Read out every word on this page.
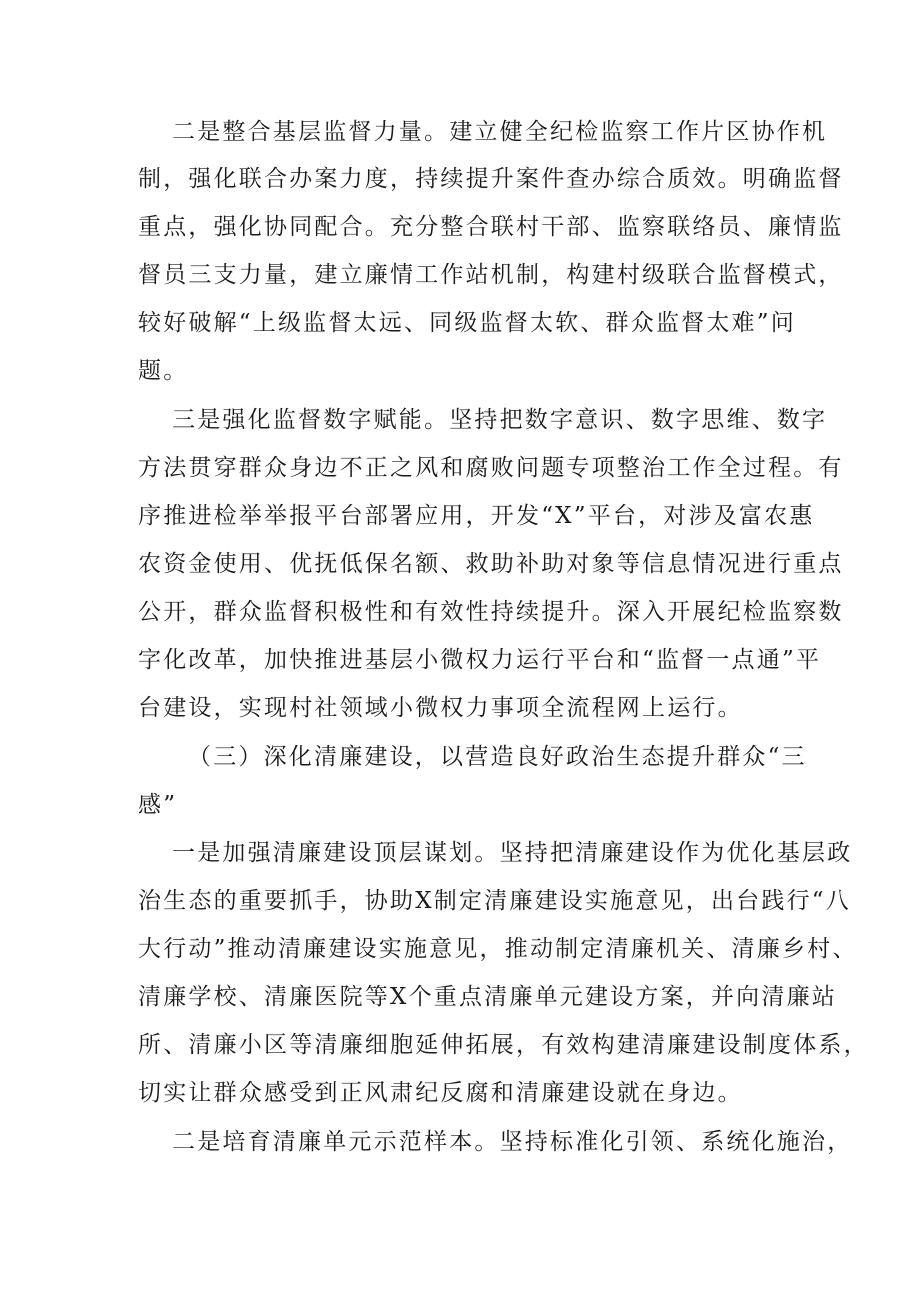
二是整合基层监督力量。建立健全纪检监察工作片区协作机

制，强化联合办案力度，持续提升案件查办综合质效。明确监督

重点，强化协同配合。充分整合联村干部、监察联络员、廉情监

督员三支力量，建立廉情工作站机制，构建村级联合监督模式，

较好破解“上级监督太远、同级监督太软、群众监督太难”问

题。

三是强化监督数字赋能。坚持把数字意识、数字思维、数字

方法贯穿群众身边不正之风和腐败问题专项整治工作全过程。有

序推进检举举报平台部署应用，开发“X”平台，对涉及富农惠

农资金使用、优抚低保名额、救助补助对象等信息情况进行重点

公开，群众监督积极性和有效性持续提升。深入开展纪检监察数

字化改革，加快推进基层小微权力运行平台和“监督一点通”平

台建设，实现村社领域小微权力事项全流程网上运行。

（三）深化清廉建设，以营造良好政治生态提升群众“三

感”

一是加强清廉建设顶层谋划。坚持把清廉建设作为优化基层政

治生态的重要抓手，协助X制定清廉建设实施意见，出台践行“八

大行动”推动清廉建设实施意见，推动制定清廉机关、清廉乡村、

清廉学校、清廉医院等X个重点清廉单元建设方案，并向清廉站

所、清廉小区等清廉细胞延伸拓展，有效构建清廉建设制度体系，

切实让群众感受到正风肃纪反腐和清廉建设就在身边。

二是培育清廉单元示范样本。坚持标准化引领、系统化施治，
